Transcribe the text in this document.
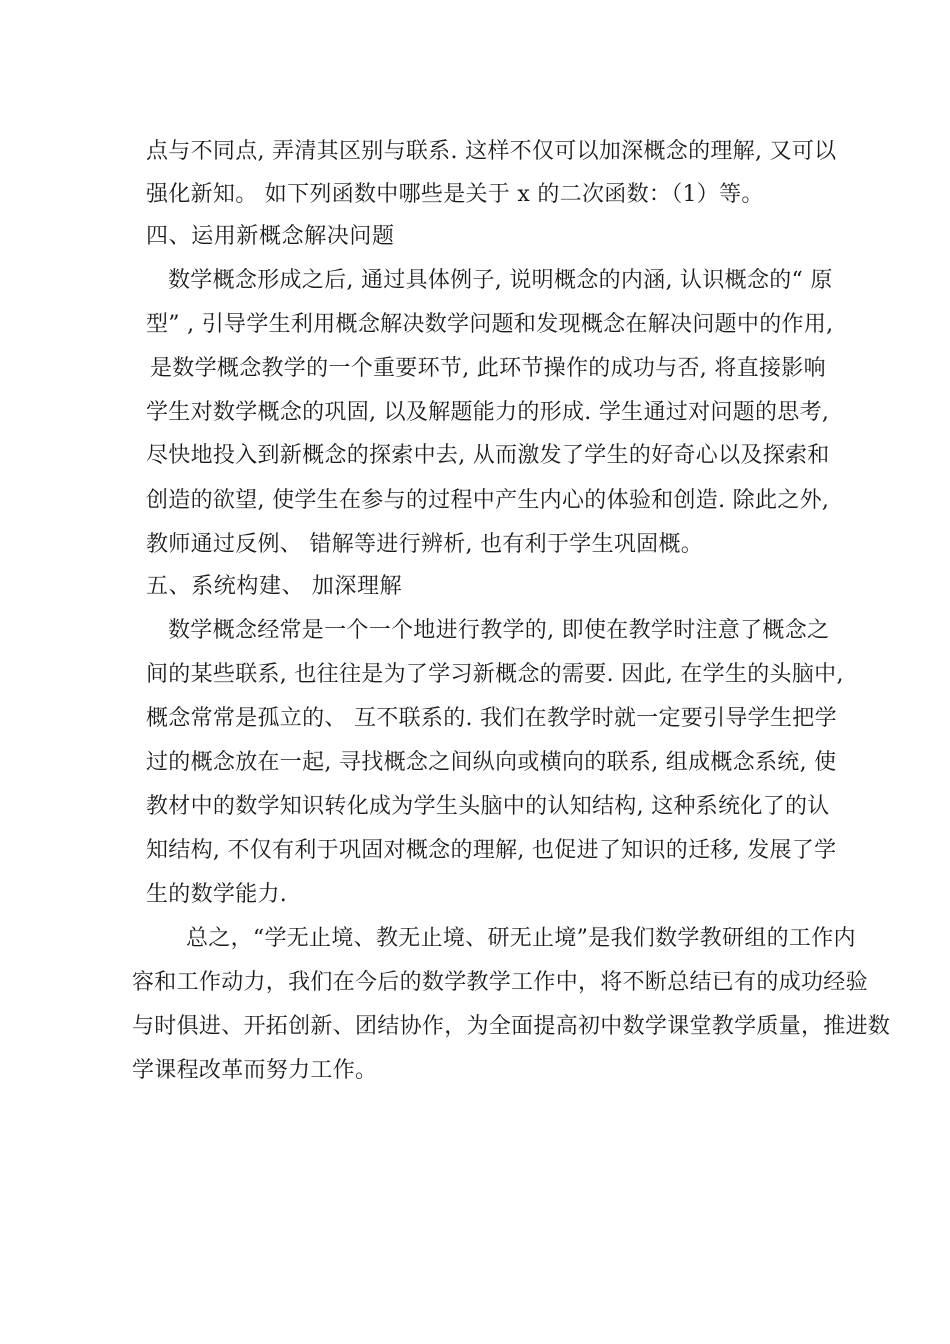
点与不同点, 弄清其区别与联系. 这样不仅可以加深概念的理解, 又可以
强化新知。 如下列函数中哪些是关于 x 的二次函数：（1）等。
四、运用新概念解决问题
数学概念形成之后, 通过具体例子, 说明概念的内涵, 认识概念的“ 原
型” , 引导学生利用概念解决数学问题和发现概念在解决问题中的作用,
是数学概念教学的一个重要环节, 此环节操作的成功与否, 将直接影响
学生对数学概念的巩固, 以及解题能力的形成. 学生通过对问题的思考,
尽快地投入到新概念的探索中去, 从而激发了学生的好奇心以及探索和
创造的欲望, 使学生在参与的过程中产生内心的体验和创造. 除此之外,
教师通过反例、 错解等进行辨析, 也有利于学生巩固概。
五、系统构建、 加深理解
数学概念经常是一个一个地进行教学的, 即使在教学时注意了概念之
间的某些联系, 也往往是为了学习新概念的需要. 因此, 在学生的头脑中,
概念常常是孤立的、 互不联系的. 我们在教学时就一定要引导学生把学
过的概念放在一起, 寻找概念之间纵向或横向的联系, 组成概念系统, 使
教材中的数学知识转化成为学生头脑中的认知结构, 这种系统化了的认
知结构, 不仅有利于巩固对概念的理解, 也促进了知识的迁移, 发展了学
生的数学能力.
总之，“学无止境、教无止境、研无止境”是我们数学教研组的工作内
容和工作动力，我们在今后的数学教学工作中，将不断总结已有的成功经验
与时俱进、开拓创新、团结协作，为全面提高初中数学课堂教学质量，推进数
学课程改革而努力工作。
